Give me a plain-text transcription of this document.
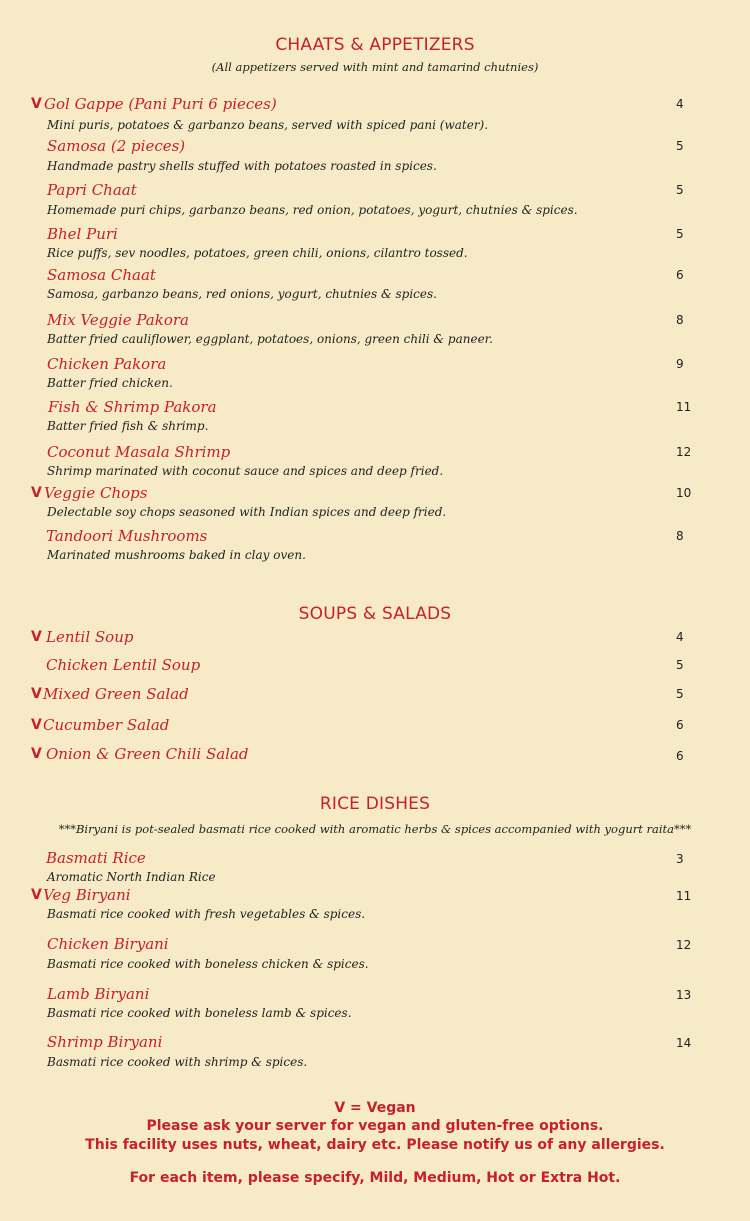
CHAATS & APPETIZERS
(All appetizers served with mint and tamarind chutnies)
V Gol Gappe (Pani Puri 6 pieces)	4
Mini puris, potatoes & garbanzo beans, served with spiced pani (water).
Samosa (2 pieces)	5
Handmade pastry shells stuffed with potatoes roasted in spices.
Papri Chaat	5
Homemade puri chips, garbanzo beans, red onion, potatoes, yogurt, chutnies & spices.
Bhel Puri	5
Rice puffs, sev noodles, potatoes, green chili, onions, cilantro tossed.
Samosa Chaat	6
Samosa, garbanzo beans, red onions, yogurt, chutnies & spices.
Mix Veggie Pakora	8
Batter fried cauliflower, eggplant, potatoes, onions, green chili & paneer.
Chicken Pakora	9
Batter fried chicken.
Fish & Shrimp Pakora	11
Batter fried fish & shrimp.
Coconut Masala Shrimp	12
Shrimp marinated with coconut sauce and spices and deep fried.
V Veggie Chops	10
Delectable soy chops seasoned with Indian spices and deep fried.
Tandoori Mushrooms	8
Marinated mushrooms baked in clay oven.
SOUPS & SALADS
V Lentil Soup	4
Chicken Lentil Soup	5
V Mixed Green Salad	5
V Cucumber Salad	6
V Onion & Green Chili Salad	6
RICE DISHES
***Biryani is pot-sealed basmati rice cooked with aromatic herbs & spices accompanied with yogurt raita***
Basmati Rice	3
Aromatic North Indian Rice
V Veg Biryani	11
Basmati rice cooked with fresh vegetables & spices.
Chicken Biryani	12
Basmati rice cooked with boneless chicken & spices.
Lamb Biryani	13
Basmati rice cooked with boneless lamb & spices.
Shrimp Biryani	14
Basmati rice cooked with shrimp & spices.
V = Vegan
Please ask your server for vegan and gluten-free options.
This facility uses nuts, wheat, dairy etc. Please notify us of any allergies.
For each item, please specify, Mild, Medium, Hot or Extra Hot.
